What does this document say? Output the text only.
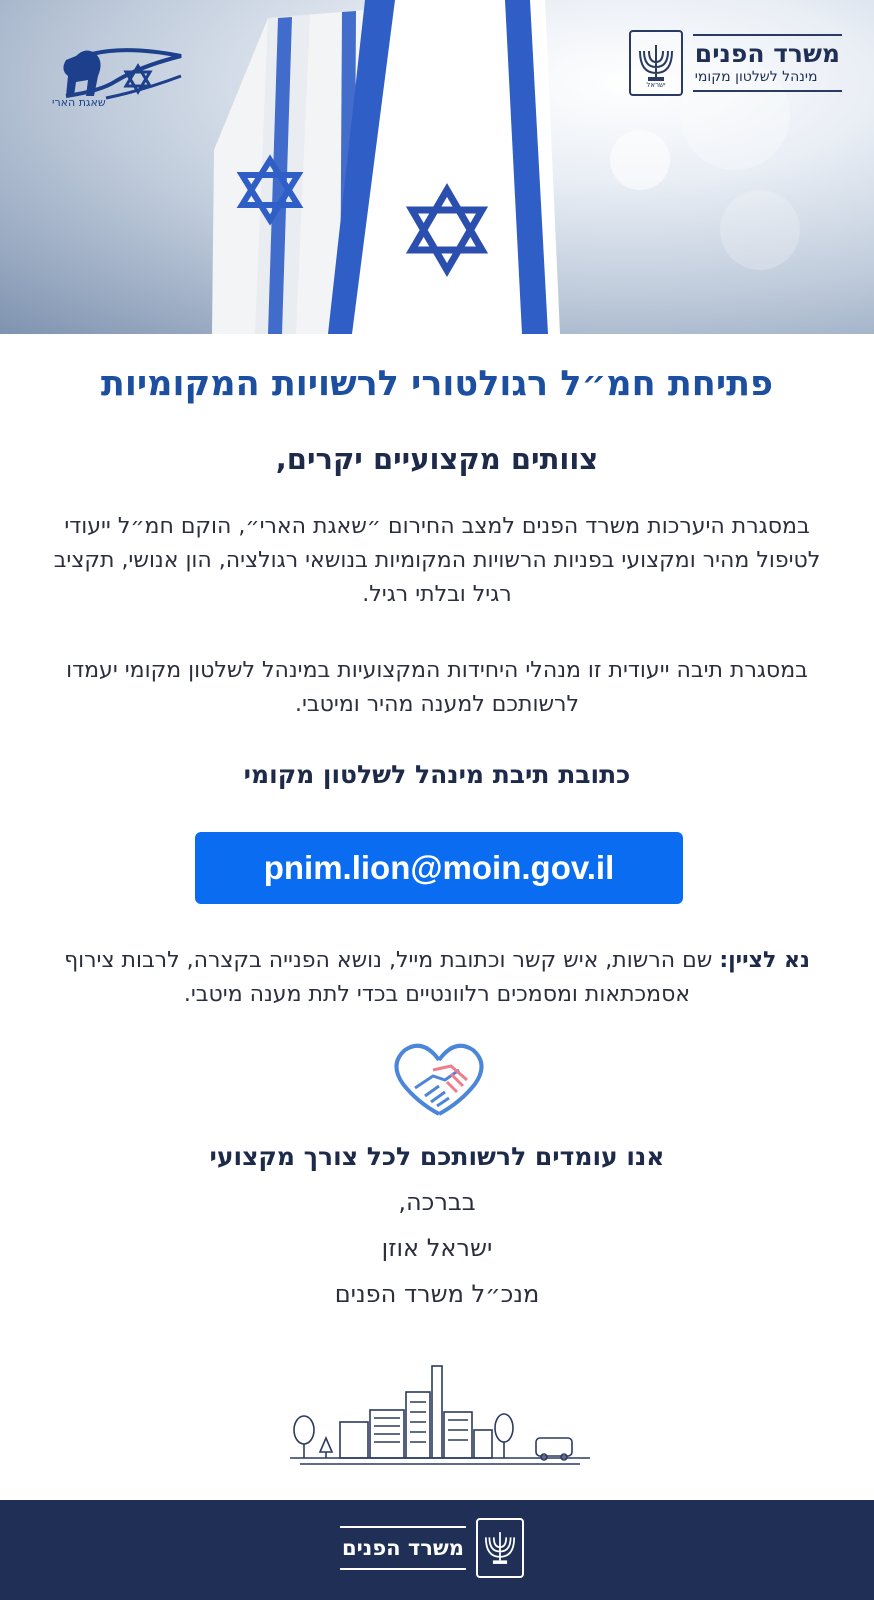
ישראל
משרד הפנים
מינהל לשלטון מקומי
שאגת הארי
פתיחת חמ״ל רגולטורי לרשויות המקומיות
צוותים מקצועיים יקרים,
במסגרת היערכות משרד הפנים למצב החירום ״שאגת הארי״, הוקם חמ״ל ייעודי לטיפול מהיר ומקצועי בפניות הרשויות המקומיות בנושאי רגולציה, הון אנושי, תקציב רגיל ובלתי רגיל.
במסגרת תיבה ייעודית זו מנהלי היחידות המקצועיות במינהל לשלטון מקומי יעמדו לרשותכם למענה מהיר ומיטבי.
כתובת תיבת מינהל לשלטון מקומי
pnim.lion@moin.gov.il
נא לציין: שם הרשות, איש קשר וכתובת מייל, נושא הפנייה בקצרה, לרבות צירוף אסמכתאות ומסמכים רלוונטיים בכדי לתת מענה מיטבי.
אנו עומדים לרשותכם לכל צורך מקצועי
בברכה,
ישראל אוזן
מנכ״ל משרד הפנים
משרד הפנים
